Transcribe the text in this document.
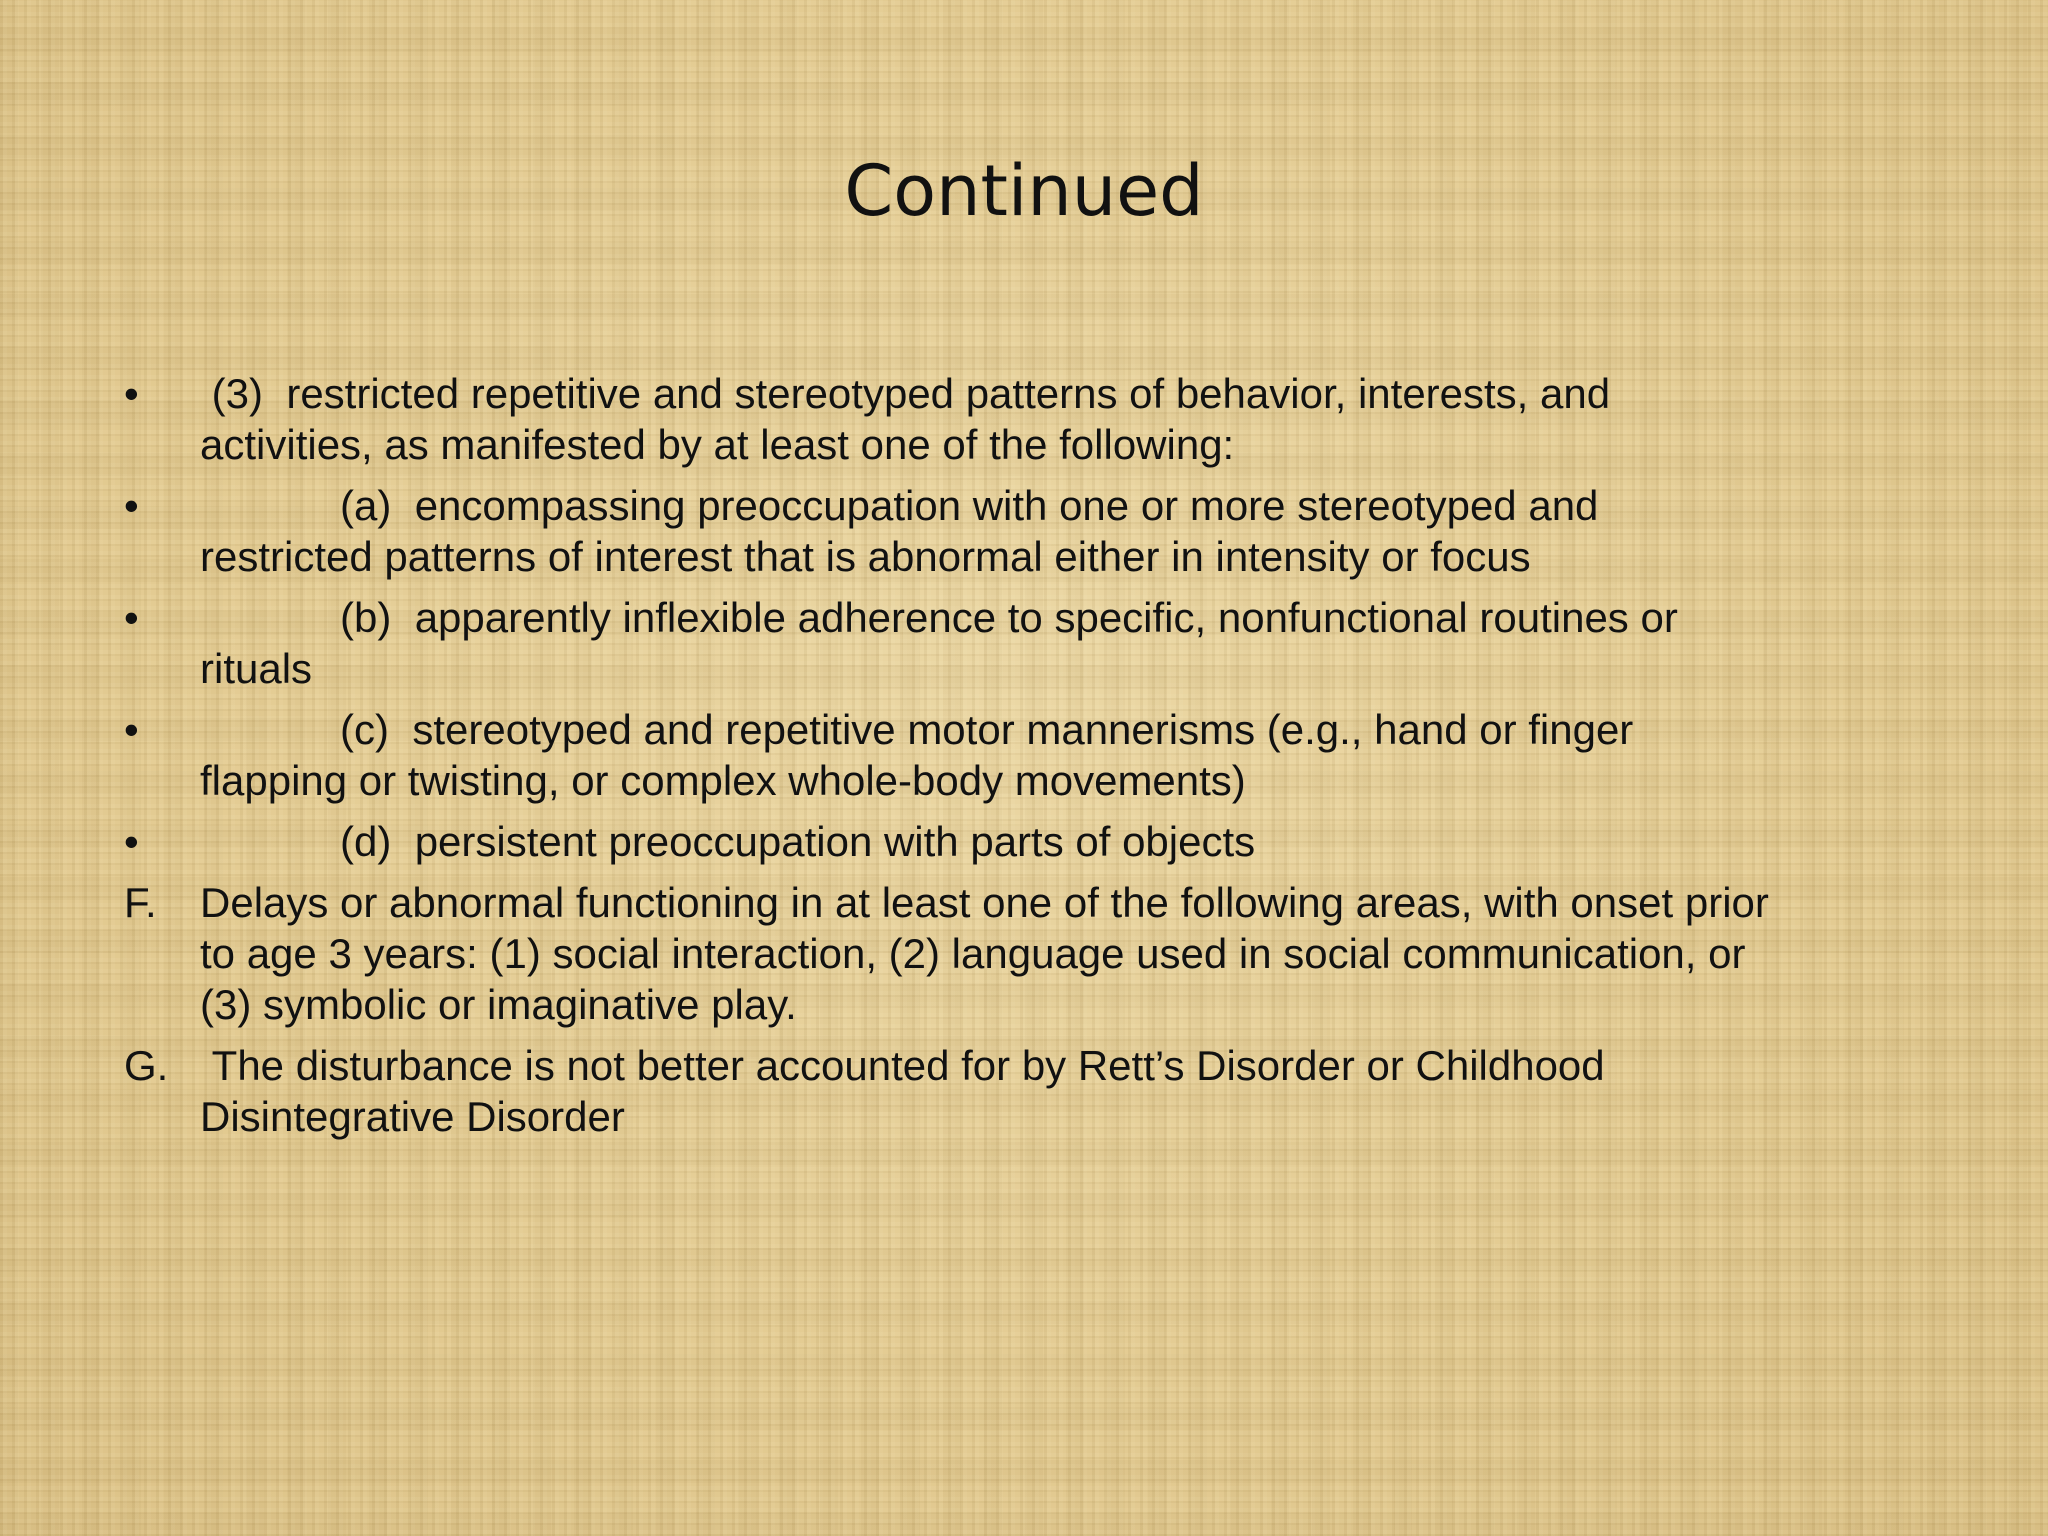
Continued
• (3)  restricted repetitive and stereotyped patterns of behavior, interests, and
activities, as manifested by at least one of the following:
• (a)  encompassing preoccupation with one or more stereotyped and
restricted patterns of interest that is abnormal either in intensity or focus
• (b)  apparently inflexible adherence to specific, nonfunctional routines or
rituals
• (c)  stereotyped and repetitive motor mannerisms (e.g., hand or finger
flapping or twisting, or complex whole-body movements)
• (d)  persistent preoccupation with parts of objects
F. Delays or abnormal functioning in at least one of the following areas, with onset prior
to age 3 years: (1) social interaction, (2) language used in social communication, or
(3) symbolic or imaginative play.
G. The disturbance is not better accounted for by Rett’s Disorder or Childhood
Disintegrative Disorder
